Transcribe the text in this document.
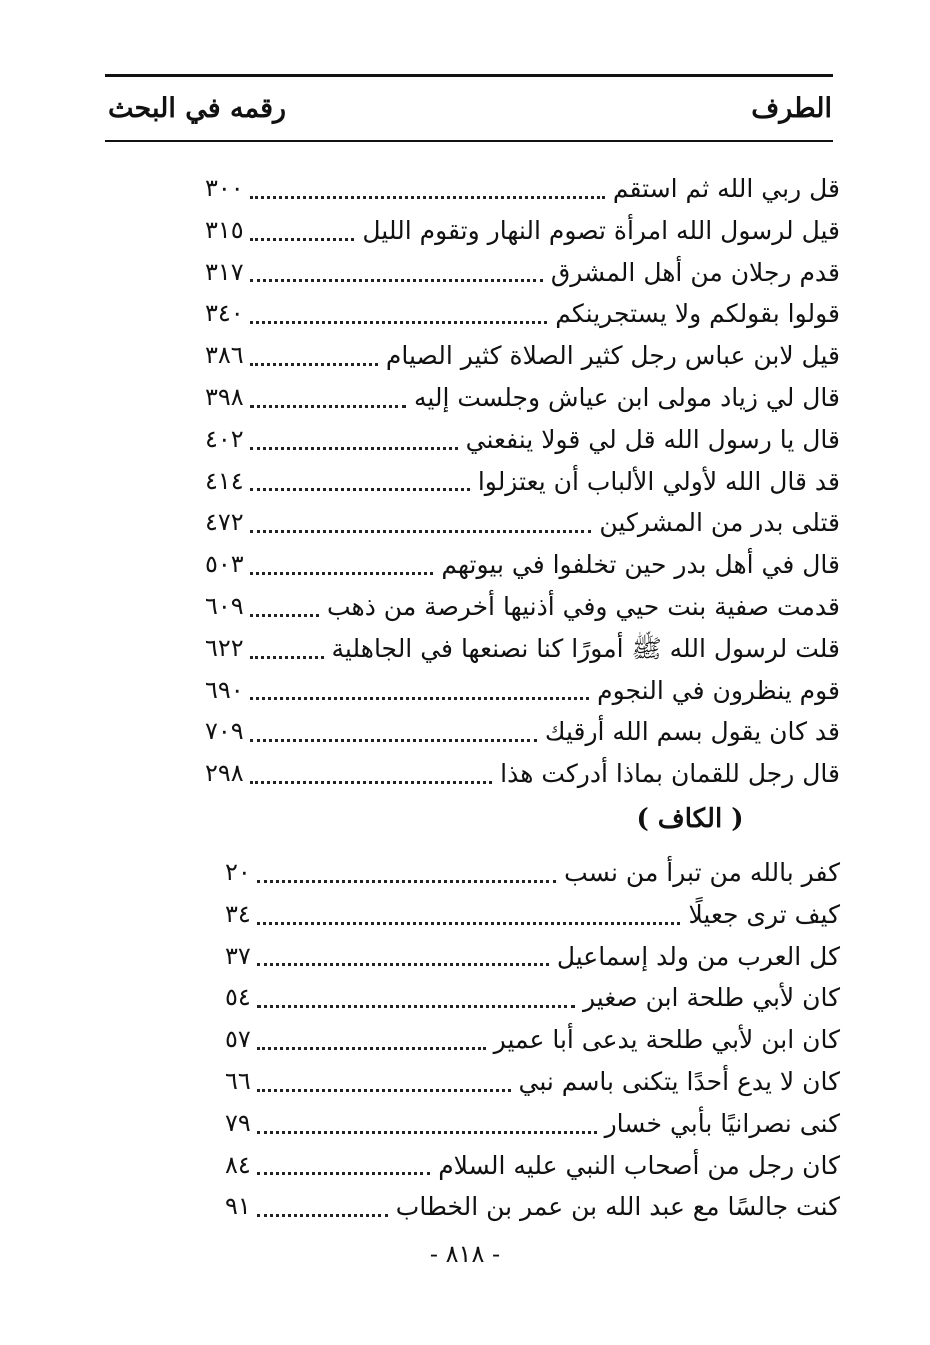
الطرف
رقمه في البحث
قل ربي الله ثم استقم
٣٠٠
قيل لرسول الله امرأة تصوم النهار وتقوم الليل
٣١٥
قدم رجلان من أهل المشرق
٣١٧
قولوا بقولكم ولا يستجرينكم
٣٤٠
قيل لابن عباس رجل كثير الصلاة كثير الصيام
٣٨٦
قال لي زياد مولى ابن عياش وجلست إليه
٣٩٨
قال يا رسول الله قل لي قولا ينفعني
٤٠٢
قد قال الله لأولي الألباب أن يعتزلوا
٤١٤
قتلى بدر من المشركين
٤٧٢
قال في أهل بدر حين تخلفوا في بيوتهم
٥٠٣
قدمت صفية بنت حيي وفي أذنيها أخرصة من ذهب
٦٠٩
قلت لرسول الله ﷺ أمورًا كنا نصنعها في الجاهلية
٦٢٢
قوم ينظرون في النجوم
٦٩٠
قد كان يقول بسم الله أرقيك
٧٠٩
قال رجل للقمان بماذا أدركت هذا
٢٩٨
( الكاف )
كفر بالله من تبرأ من نسب
٢٠
كيف ترى جعيلًا
٣٤
كل العرب من ولد إسماعيل
٣٧
كان لأبي طلحة ابن صغير
٥٤
كان ابن لأبي طلحة يدعى أبا عمير
٥٧
كان لا يدع أحدًا يتكنى باسم نبي
٦٦
كنى نصرانيًا بأبي خسار
٧٩
كان رجل من أصحاب النبي عليه السلام
٨٤
كنت جالسًا مع عبد الله بن عمر بن الخطاب
٩١
- ٨١٨ -
